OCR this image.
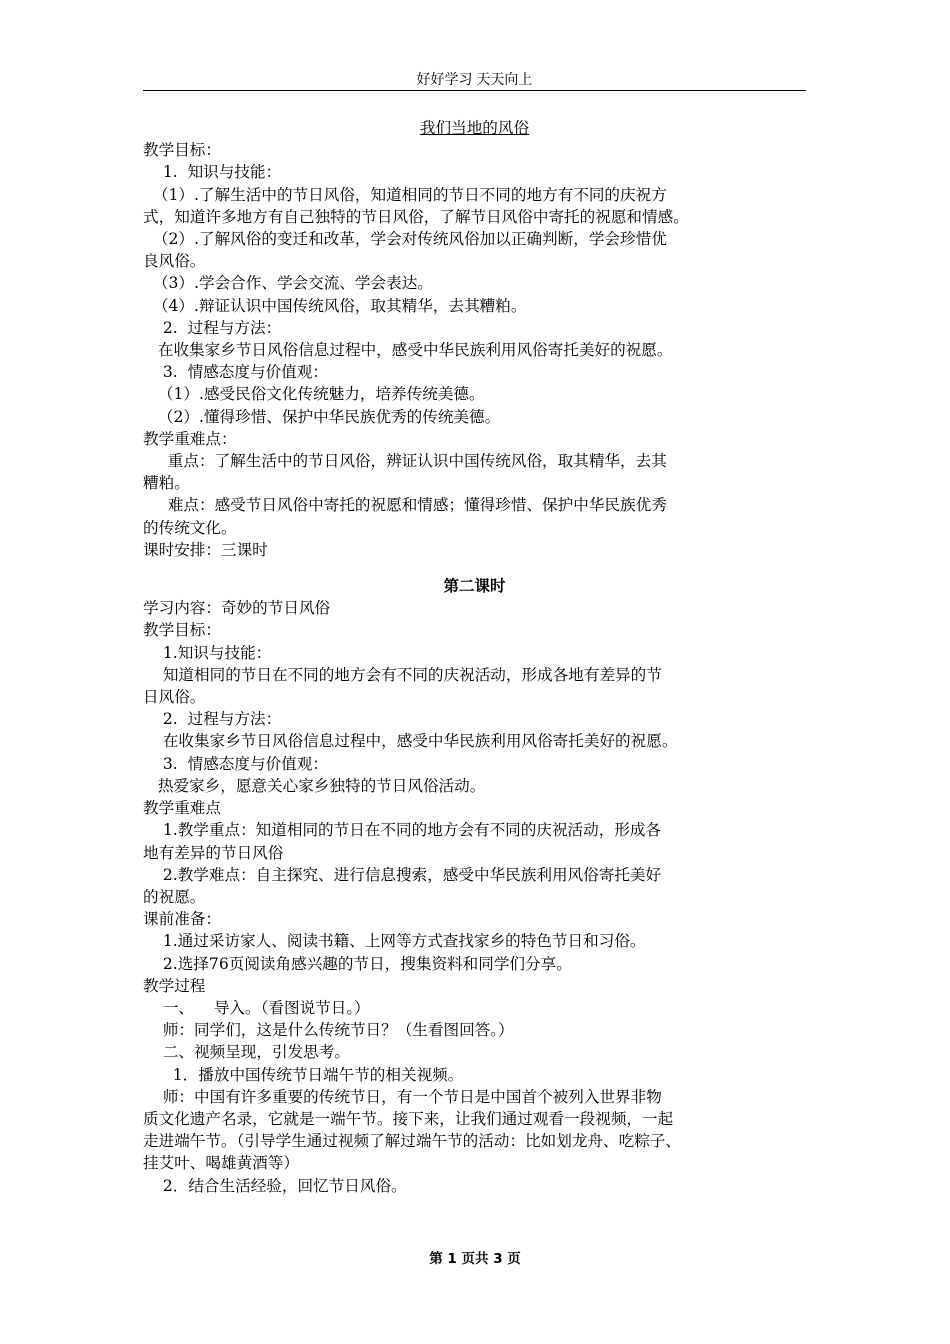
好好学习 天天向上
我们当地的风俗
教学目标：
1.  知识与技能：
（1）.了解生活中的节日风俗，知道相同的节日不同的地方有不同的庆祝方
式，知道许多地方有自己独特的节日风俗，了解节日风俗中寄托的祝愿和情感。
（2）.了解风俗的变迁和改革，学会对传统风俗加以正确判断，学会珍惜优
良风俗。
（3）.学会合作、学会交流、学会表达。
（4）.辩证认识中国传统风俗，取其精华，去其糟粕。
2.  过程与方法：
在收集家乡节日风俗信息过程中，感受中华民族利用风俗寄托美好的祝愿。
3.  情感态度与价值观：
（1）.感受民俗文化传统魅力，培养传统美德。
（2）.懂得珍惜、保护中华民族优秀的传统美德。
教学重难点：
重点：了解生活中的节日风俗，辨证认识中国传统风俗，取其精华，去其
糟粕。
难点：感受节日风俗中寄托的祝愿和情感；懂得珍惜、保护中华民族优秀
的传统文化。
课时安排：三课时
第二课时
学习内容：奇妙的节日风俗
教学目标：
1.知识与技能：
知道相同的节日在不同的地方会有不同的庆祝活动，形成各地有差异的节
日风俗。
2.  过程与方法：
在收集家乡节日风俗信息过程中，感受中华民族利用风俗寄托美好的祝愿。
3.  情感态度与价值观：
热爱家乡，愿意关心家乡独特的节日风俗活动。
教学重难点
1.教学重点：知道相同的节日在不同的地方会有不同的庆祝活动，形成各
地有差异的节日风俗
2.教学难点：自主探究、进行信息搜索，感受中华民族利用风俗寄托美好
的祝愿。
课前准备：
1.通过采访家人、阅读书籍、上网等方式查找家乡的特色节日和习俗。
2.选择76页阅读角感兴趣的节日，搜集资料和同学们分享。
教学过程
一、    导入。（看图说节日。）
师：同学们，这是什么传统节日？（生看图回答。）
二、视频呈现，引发思考。
1．播放中国传统节日端午节的相关视频。
师：中国有许多重要的传统节日，有一个节日是中国首个被列入世界非物
质文化遗产名录，它就是一端午节。接下来，让我们通过观看一段视频，一起
走进端午节。（引导学生通过视频了解过端午节的活动：比如划龙舟、吃粽子、
挂艾叶、喝雄黄酒等）
2．结合生活经验，回忆节日风俗。
第 1 页共 3 页
